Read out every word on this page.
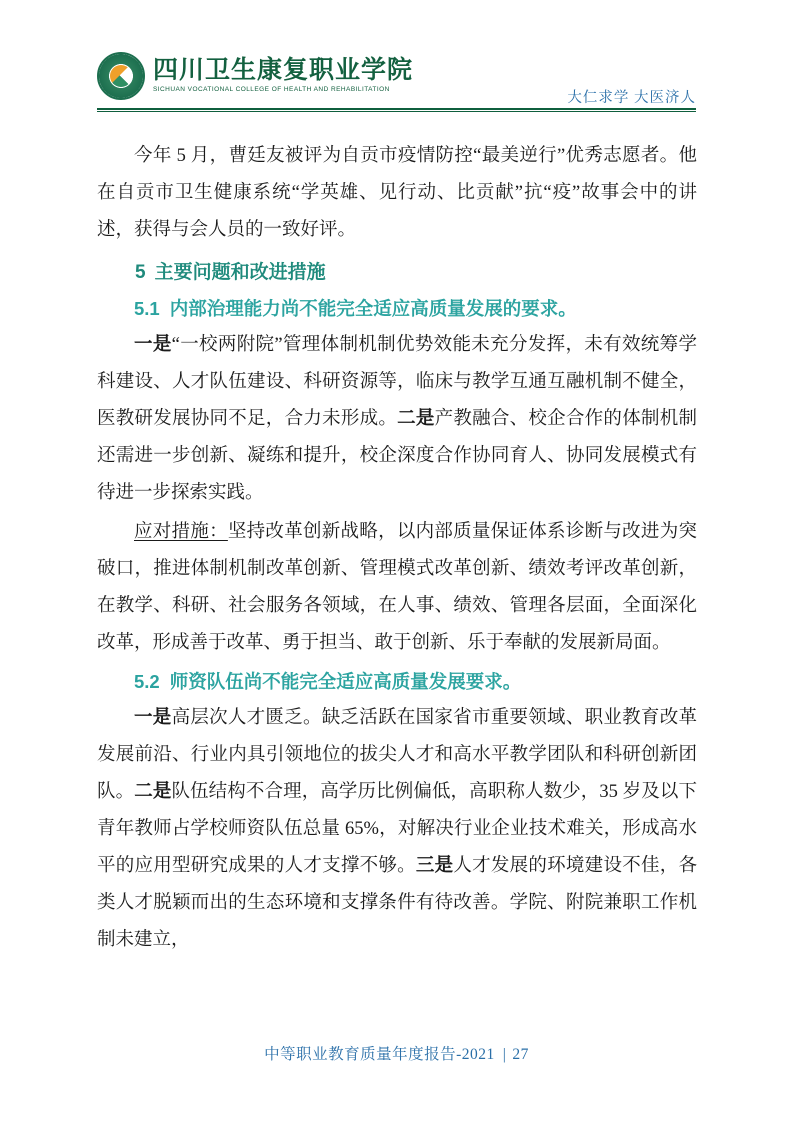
四川卫生康复职业学院
SICHUAN VOCATIONAL COLLEGE OF HEALTH AND REHABILITATION
大仁求学 大医济人

今年 5 月，曹廷友被评为自贡市疫情防控“最美逆行”优秀志愿者。他在自贡市卫生健康系统“学英雄、见行动、比贡献”抗“疫”故事会中的讲述，获得与会人员的一致好评。

5 主要问题和改进措施

5.1 内部治理能力尚不能完全适应高质量发展的要求。

一是“一校两附院”管理体制机制优势效能未充分发挥，未有效统筹学科建设、人才队伍建设、科研资源等，临床与教学互通互融机制不健全，医教研发展协同不足，合力未形成。二是产教融合、校企合作的体制机制还需进一步创新、凝练和提升，校企深度合作协同育人、协同发展模式有待进一步探索实践。

应对措施：坚持改革创新战略，以内部质量保证体系诊断与改进为突破口，推进体制机制改革创新、管理模式改革创新、绩效考评改革创新，在教学、科研、社会服务各领域，在人事、绩效、管理各层面，全面深化改革，形成善于改革、勇于担当、敢于创新、乐于奉献的发展新局面。

5.2 师资队伍尚不能完全适应高质量发展要求。

一是高层次人才匮乏。缺乏活跃在国家省市重要领域、职业教育改革发展前沿、行业内具引领地位的拔尖人才和高水平教学团队和科研创新团队。二是队伍结构不合理，高学历比例偏低，高职称人数少，35 岁及以下青年教师占学校师资队伍总量 65%，对解决行业企业技术难关，形成高水平的应用型研究成果的人才支撑不够。三是人才发展的环境建设不佳，各类人才脱颖而出的生态环境和支撑条件有待改善。学院、附院兼职工作机制未建立，

中等职业教育质量年度报告-2021 | 27
